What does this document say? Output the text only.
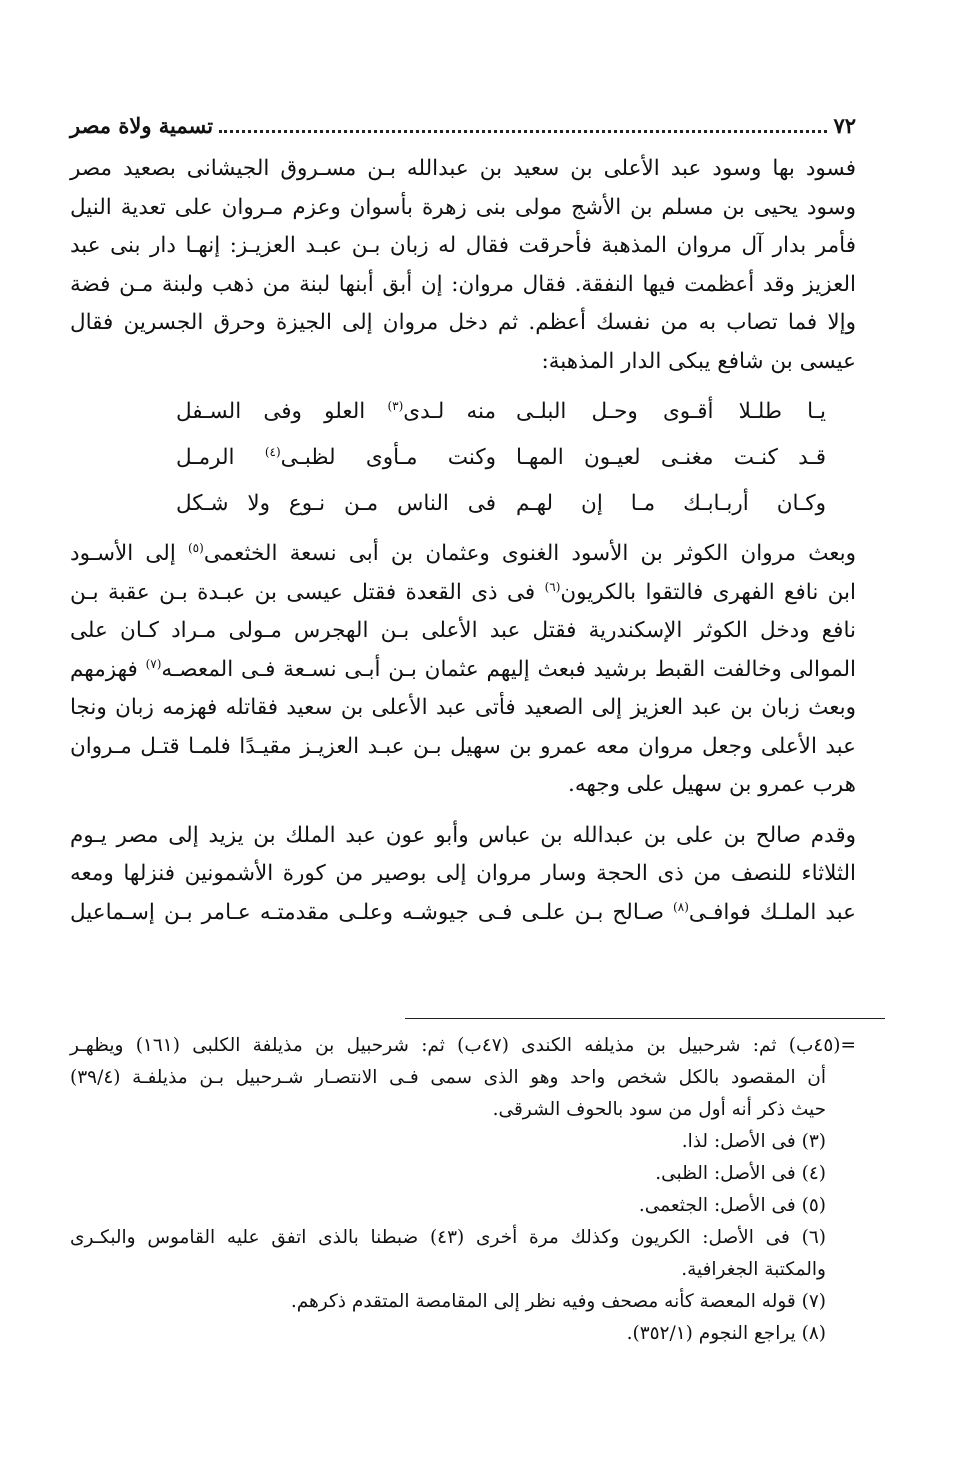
٧٢
تسمية ولاة مصر

فسود بها وسود عبد الأعلى بن سعيد بن عبدالله بـن مسـروق الجيشانى بصعيد مصر

وسود يحيى بن مسلم بن الأشج مولى بنى زهرة بأسوان وعزم مـروان على تعدية النيل

فأمر بدار آل مروان المذهبة فأحرقت فقال له زبان بـن عبـد العزيـز: إنهـا دار بنى عبد

العزيز وقد أعظمت فيها النفقة. فقال مروان: إن أبق أبنها لبنة من ذهب ولبنة مـن فضة

وإلا فما تصاب به من نفسك أعظم. ثم دخل مروان إلى الجيزة وحرق الجسرين فقال

عيسى بن شافع يبكى الدار المذهبة:

يـا طلـلا أقـوى وحـل البلـى
منه لـدى$^{(٣)}$ العلو وفى السـفل
قـد كنـت مغنـى لعيـون المهـا
وكنت مـأوى لظبـى$^{(٤)}$ الرمـل
وكـان أربـابـك مـا إن لهـم
فى الناس مـن نـوع ولا شـكل

وبعث مروان الكوثر بن الأسود الغنوى وعثمان بن أبى نسعة الخثعمى$^{(٥)}$ إلى الأسـود

ابن نافع الفهرى فالتقوا بالكريون$^{(٦)}$ فى ذى القعدة فقتل عيسى بن عبـدة بـن عقبة بـن

نافع ودخل الكوثر الإسكندرية فقتل عبد الأعلى بـن الهجرس مـولى مـراد كـان على

الموالى وخالفت القبط برشيد فبعث إليهم عثمان بـن أبـى نسـعة فـى المعصـه$^{(٧)}$ فهزمهم

وبعث زبان بن عبد العزيز إلى الصعيد فأتى عبد الأعلى بن سعيد فقاتله فهزمه زبان ونجا

عبد الأعلى وجعل مروان معه عمرو بن سهيل بـن عبـد العزيـز مقيـدًا فلمـا قتـل مـروان

هرب عمرو بن سهيل على وجهه.

وقدم صالح بن على بن عبدالله بن عباس وأبو عون عبد الملك بن يزيد إلى مصر يـوم

الثلاثاء للنصف من ذى الحجة وسار مروان إلى بوصير من كورة الأشمونين فنزلها ومعه

عبد الملـك فوافـى$^{(٨)}$ صـالح بـن علـى فـى جيوشـه وعلـى مقدمتـه عـامر بـن إسـماعيل

=(٤٥ب) ثم: شرحبيل بن مذيلفه الكندى (٤٧ب) ثم: شرحبيل بن مذيلفة الكلبى (١٦١) ويظهـر

أن المقصود بالكل شخص واحد وهو الذى سمى فـى الانتصـار شـرحبيل بـن مذيلفـة (٣٩/٤)

حيث ذكر أنه أول من سود بالحوف الشرقى.

(٣) فى الأصل: لذا.

(٤) فى الأصل: الظبى.

(٥) فى الأصل: الجثعمى.

(٦) فى الأصل: الكريون وكذلك مرة أخرى (٤٣) ضبطنا بالذى اتفق عليه القاموس والبكـرى

والمكتبة الجغرافية.

(٧) قوله المعصة كأنه مصحف وفيه نظر إلى المقامصة المتقدم ذكرهم.

(٨) يراجع النجوم (٣٥٢/١).
